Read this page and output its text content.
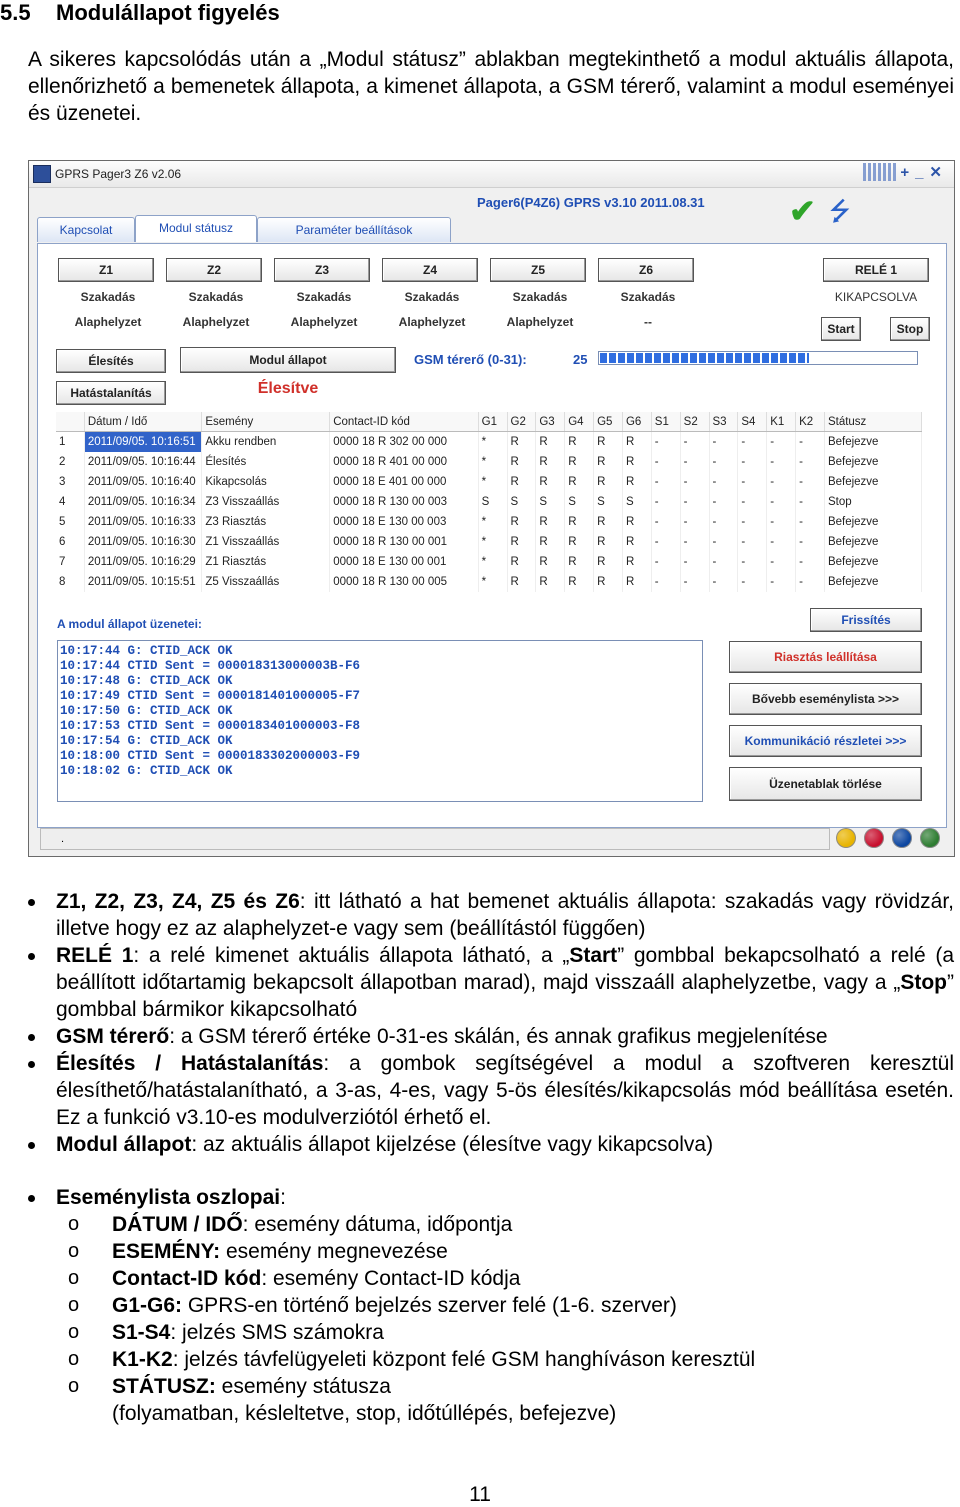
5.5 Modulállapot figyelés
A sikeres kapcsolódás után a „Modul státusz” ablakban megtekinthető a modul aktuális állapota, ellenőrizhető a bemenetek állapota, a kimenet állapota, a GSM térerő, valamint a modul eseményei és üzenetei.
GPRS Pager3 Z6 v2.06	+_✕
Pager6(P4Z6) GPRS v3.10 2011.08.31	✔ ⭍
Kapcsolat	Modul státusz	Paraméter beállítások
Z1
Szakadás
Alaphelyzet
Z2
Szakadás
Alaphelyzet
Z3
Szakadás
Alaphelyzet
Z4
Szakadás
Alaphelyzet
Z5
Szakadás
Alaphelyzet
Z6
Szakadás
--
RELÉ 1
KIKAPCSOLVA
Start	Stop
Élesítés
Hatástalanítás
Modul állapot
Élesítve
GSM térerő (0-31):	25
	Dátum / Idő	Esemény	Contact-ID kód	G1	G2	G3	G4	G5	G6	S1	S2	S3	S4	K1	K2	Státusz
1	2011/09/05. 10:16:51	Akku rendben	0000 18 R 302 00 000	*	R	R	R	R	R	-	-	-	-	-	-	Befejezve
2	2011/09/05. 10:16:44	Élesítés	0000 18 R 401 00 000	*	R	R	R	R	R	-	-	-	-	-	-	Befejezve
3	2011/09/05. 10:16:40	Kikapcsolás	0000 18 E 401 00 000	*	R	R	R	R	R	-	-	-	-	-	-	Befejezve
4	2011/09/05. 10:16:34	Z3 Visszaállás	0000 18 R 130 00 003	S	S	S	S	S	S	-	-	-	-	-	-	Stop
5	2011/09/05. 10:16:33	Z3 Riasztás	0000 18 E 130 00 003	*	R	R	R	R	R	-	-	-	-	-	-	Befejezve
6	2011/09/05. 10:16:30	Z1 Visszaállás	0000 18 R 130 00 001	*	R	R	R	R	R	-	-	-	-	-	-	Befejezve
7	2011/09/05. 10:16:29	Z1 Riasztás	0000 18 E 130 00 001	*	R	R	R	R	R	-	-	-	-	-	-	Befejezve
8	2011/09/05. 10:15:51	Z5 Visszaállás	0000 18 R 130 00 005	*	R	R	R	R	R	-	-	-	-	-	-	Befejezve
A modul állapot üzenetei:
10:17:44 G: CTID_ACK OK
10:17:44 CTID Sent = 000018313000003B-F6
10:17:48 G: CTID_ACK OK
10:17:49 CTID Sent = 0000181401000005-F7
10:17:50 G: CTID_ACK OK
10:17:53 CTID Sent = 0000183401000003-F8
10:17:54 G: CTID_ACK OK
10:18:00 CTID Sent = 0000183302000003-F9
10:18:02 G: CTID_ACK OK
Frissítés
Riasztás leállítása
Bővebb eseménylista >>>
Kommunikáció részletei >>>
Üzenetablak törlése
.
Z1, Z2, Z3, Z4, Z5 és Z6: itt látható a hat bemenet aktuális állapota: szakadás vagy rövidzár, illetve hogy ez az alaphelyzet-e vagy sem (beállítástól függően)
RELÉ 1: a relé kimenet aktuális állapota látható, a „Start” gombbal bekapcsolható a relé (a beállított időtartamig bekapcsolt állapotban marad), majd visszaáll alaphelyzetbe, vagy a „Stop” gombbal bármikor kikapcsolható
GSM térerő: a GSM térerő értéke 0-31-es skálán, és annak grafikus megjelenítése
Élesítés / Hatástalanítás: a gombok segítségével a modul a szoftveren keresztül élesíthető/hatástalanítható, a 3-as, 4-es, vagy 5-ös élesítés/kikapcsolás mód beállítása esetén. Ez a funkció v3.10-es modulverziótól érhető el.
Modul állapot: az aktuális állapot kijelzése (élesítve vagy kikapcsolva)
Eseménylista oszlopai:
o DÁTUM / IDŐ: esemény dátuma, időpontja
o ESEMÉNY: esemény megnevezése
o Contact-ID kód: esemény Contact-ID kódja
o G1-G6: GPRS-en történő bejelzés szerver felé (1-6. szerver)
o S1-S4: jelzés SMS számokra
o K1-K2: jelzés távfelügyeleti központ felé GSM hanghíváson keresztül
o STÁTUSZ: esemény státusza
(folyamatban, késleltetve, stop, időtúllépés, befejezve)
11
